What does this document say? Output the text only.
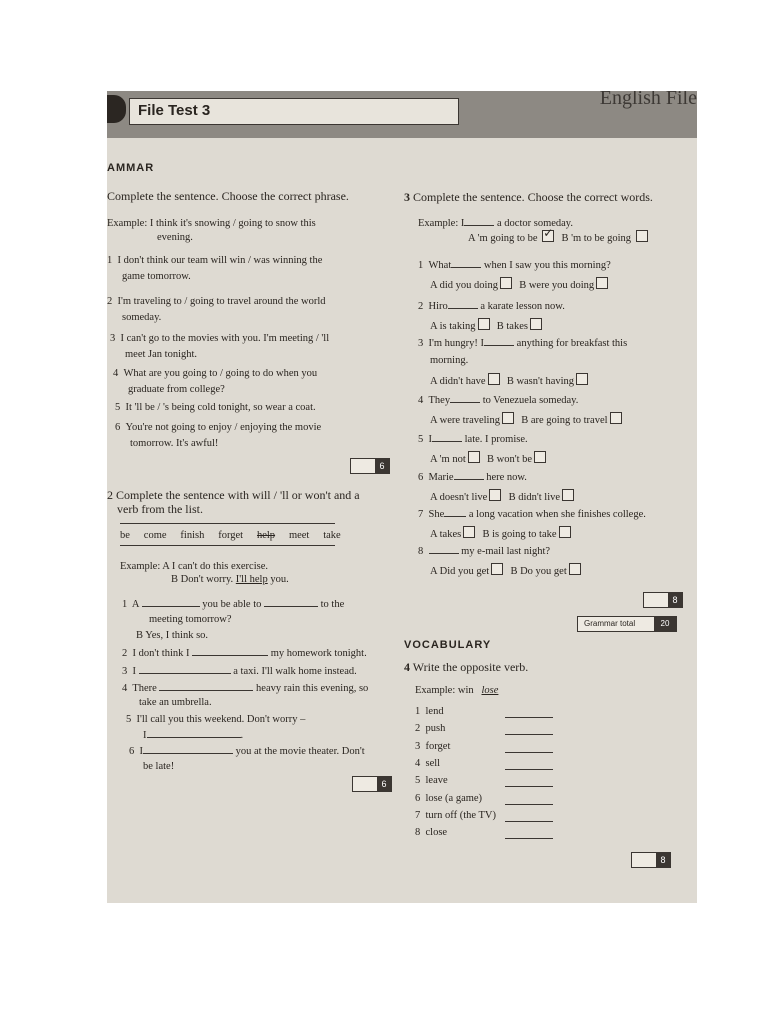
File Test 3
English File
AMMAR
Complete the sentence. Choose the correct phrase.
Example: I think it's snowing / going to snow this
evening.
1 I don't think our team will win / was winning the
game tomorrow.
2 I'm traveling to / going to travel around the world
someday.
3 I can't go to the movies with you. I'm meeting / 'll
meet Jan tonight.
4 What are you going to / going to do when you
graduate from college?
5 It 'll be / 's being cold tonight, so wear a coat.
6 You're not going to enjoy / enjoying the movie
tomorrow. It's awful!
6
2 Complete the sentence with will / 'll or won't and a
verb from the list.
be come finish forget help meet take
Example: A I can't do this exercise.
B Don't worry. I'll help you.
1 A	you be able to	to the
meeting tomorrow?
B Yes, I think so.
2 I don't think I	my homework tonight.
3 I	a taxi. I'll walk home instead.
4 There	heavy rain this evening, so
take an umbrella.
5 I'll call you this weekend. Don't worry –
I	.
6 I	you at the movie theater. Don't
be late!
6
3 Complete the sentence. Choose the correct words.
Example: I	a doctor someday.
A 'm going to be ✓ B 'm to be going
1 What	when I saw you this morning?
A did you doing B were you doing
2 Hiro	a karate lesson now.
A is taking B takes
3 I'm hungry! I	anything for breakfast this
morning.
A didn't have B wasn't having
4 They	to Venezuela someday.
A were traveling B are going to travel
5 I	late. I promise.
A 'm not B won't be
6 Marie	here now.
A doesn't live B didn't live
7 She a long vacation when she finishes college.
A takes B is going to take
8	my e-mail last night?
A Did you get B Do you get
8
Grammar total	20
VOCABULARY
4 Write the opposite verb.
Example: win lose
1 lend
2 push
3 forget
4 sell
5 leave
6 lose (a game)
7 turn off (the TV)
8 close
8
